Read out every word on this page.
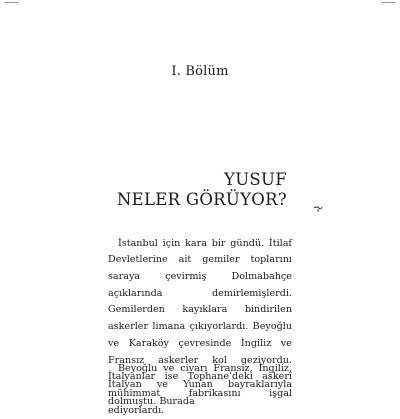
I. Bölüm
YUSUF
NELER GÖRÜYOR?

İstanbul için kara bir gündü. İtilaf Devletlerine ait gemiler toplarını saraya çevirmiş Dolmabahçe açıklarında demirlemişlerdi. Gemilerden kayıklara bindirilen askerler limana çıkıyorlardı. Beyoğlu ve Karaköy çevresinde İngiliz ve Fransız askerler kol geziyordu. İtalyanlar ise Tophane’deki askerî mühimmat fabrikasını işgal ediyorlardı.

Beyoğlu ve civarı Fransız, İngiliz, İtalyan ve Yunan bayraklarıyla dolmuştu. Burada
